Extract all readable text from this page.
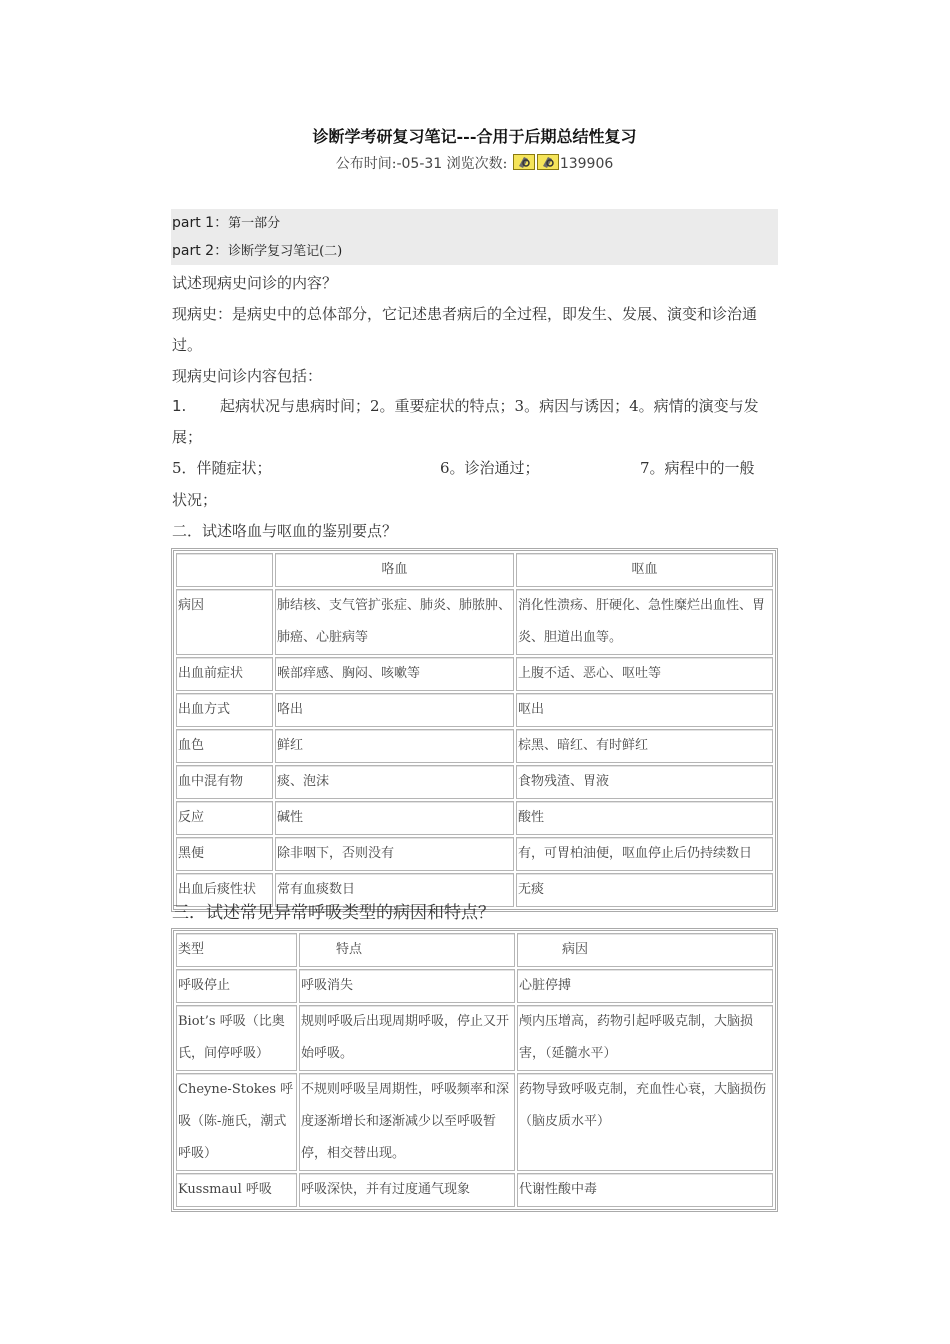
诊断学考研复习笔记---合用于后期总结性复习
公布时间:-05-31 浏览次数:	139906
part 1：第一部分
part 2：诊断学复习笔记(二)
试述现病史问诊的内容？
现病史：是病史中的总体部分，它记述患者病后的全过程，即发生、发展、演变和诊治通过。
现病史问诊内容包括：
1. 起病状况与患病时间；2。重要症状的特点；3。病因与诱因；4。病情的演变与发展；
5．伴随症状；	6。诊治通过；	7。病程中的一般
状况；
二．试述咯血与呕血的鉴别要点？
	咯血	呕血
病因	肺结核、支气管扩张症、肺炎、肺脓肿、肺癌、心脏病等	消化性溃疡、肝硬化、急性糜烂出血性、胃炎、胆道出血等。
出血前症状	喉部痒感、胸闷、咳嗽等	上腹不适、恶心、呕吐等
出血方式	咯出	呕出
血色	鲜红	棕黑、暗红、有时鲜红
血中混有物	痰、泡沫	食物残渣、胃液
反应	碱性	酸性
黑便	除非咽下，否则没有	有，可胃柏油便，呕血停止后仍持续数日
出血后痰性状	常有血痰数日	无痰
三．试述常见异常呼吸类型的病因和特点？
类型	特点	病因
呼吸停止	呼吸消失	心脏停搏
Biot’s 呼吸（比奥氏，间停呼吸）	规则呼吸后出现周期呼吸，停止又开始呼吸。	颅内压增高，药物引起呼吸克制，大脑损害，（延髓水平）
Cheyne-Stokes 呼吸（陈-施氏，潮式呼吸）	不规则呼吸呈周期性，呼吸频率和深度逐渐增长和逐渐减少以至呼吸暂停，相交替出现。	药物导致呼吸克制，充血性心衰，大脑损伤（脑皮质水平）
Kussmaul 呼吸	呼吸深快，并有过度通气现象	代谢性酸中毒
